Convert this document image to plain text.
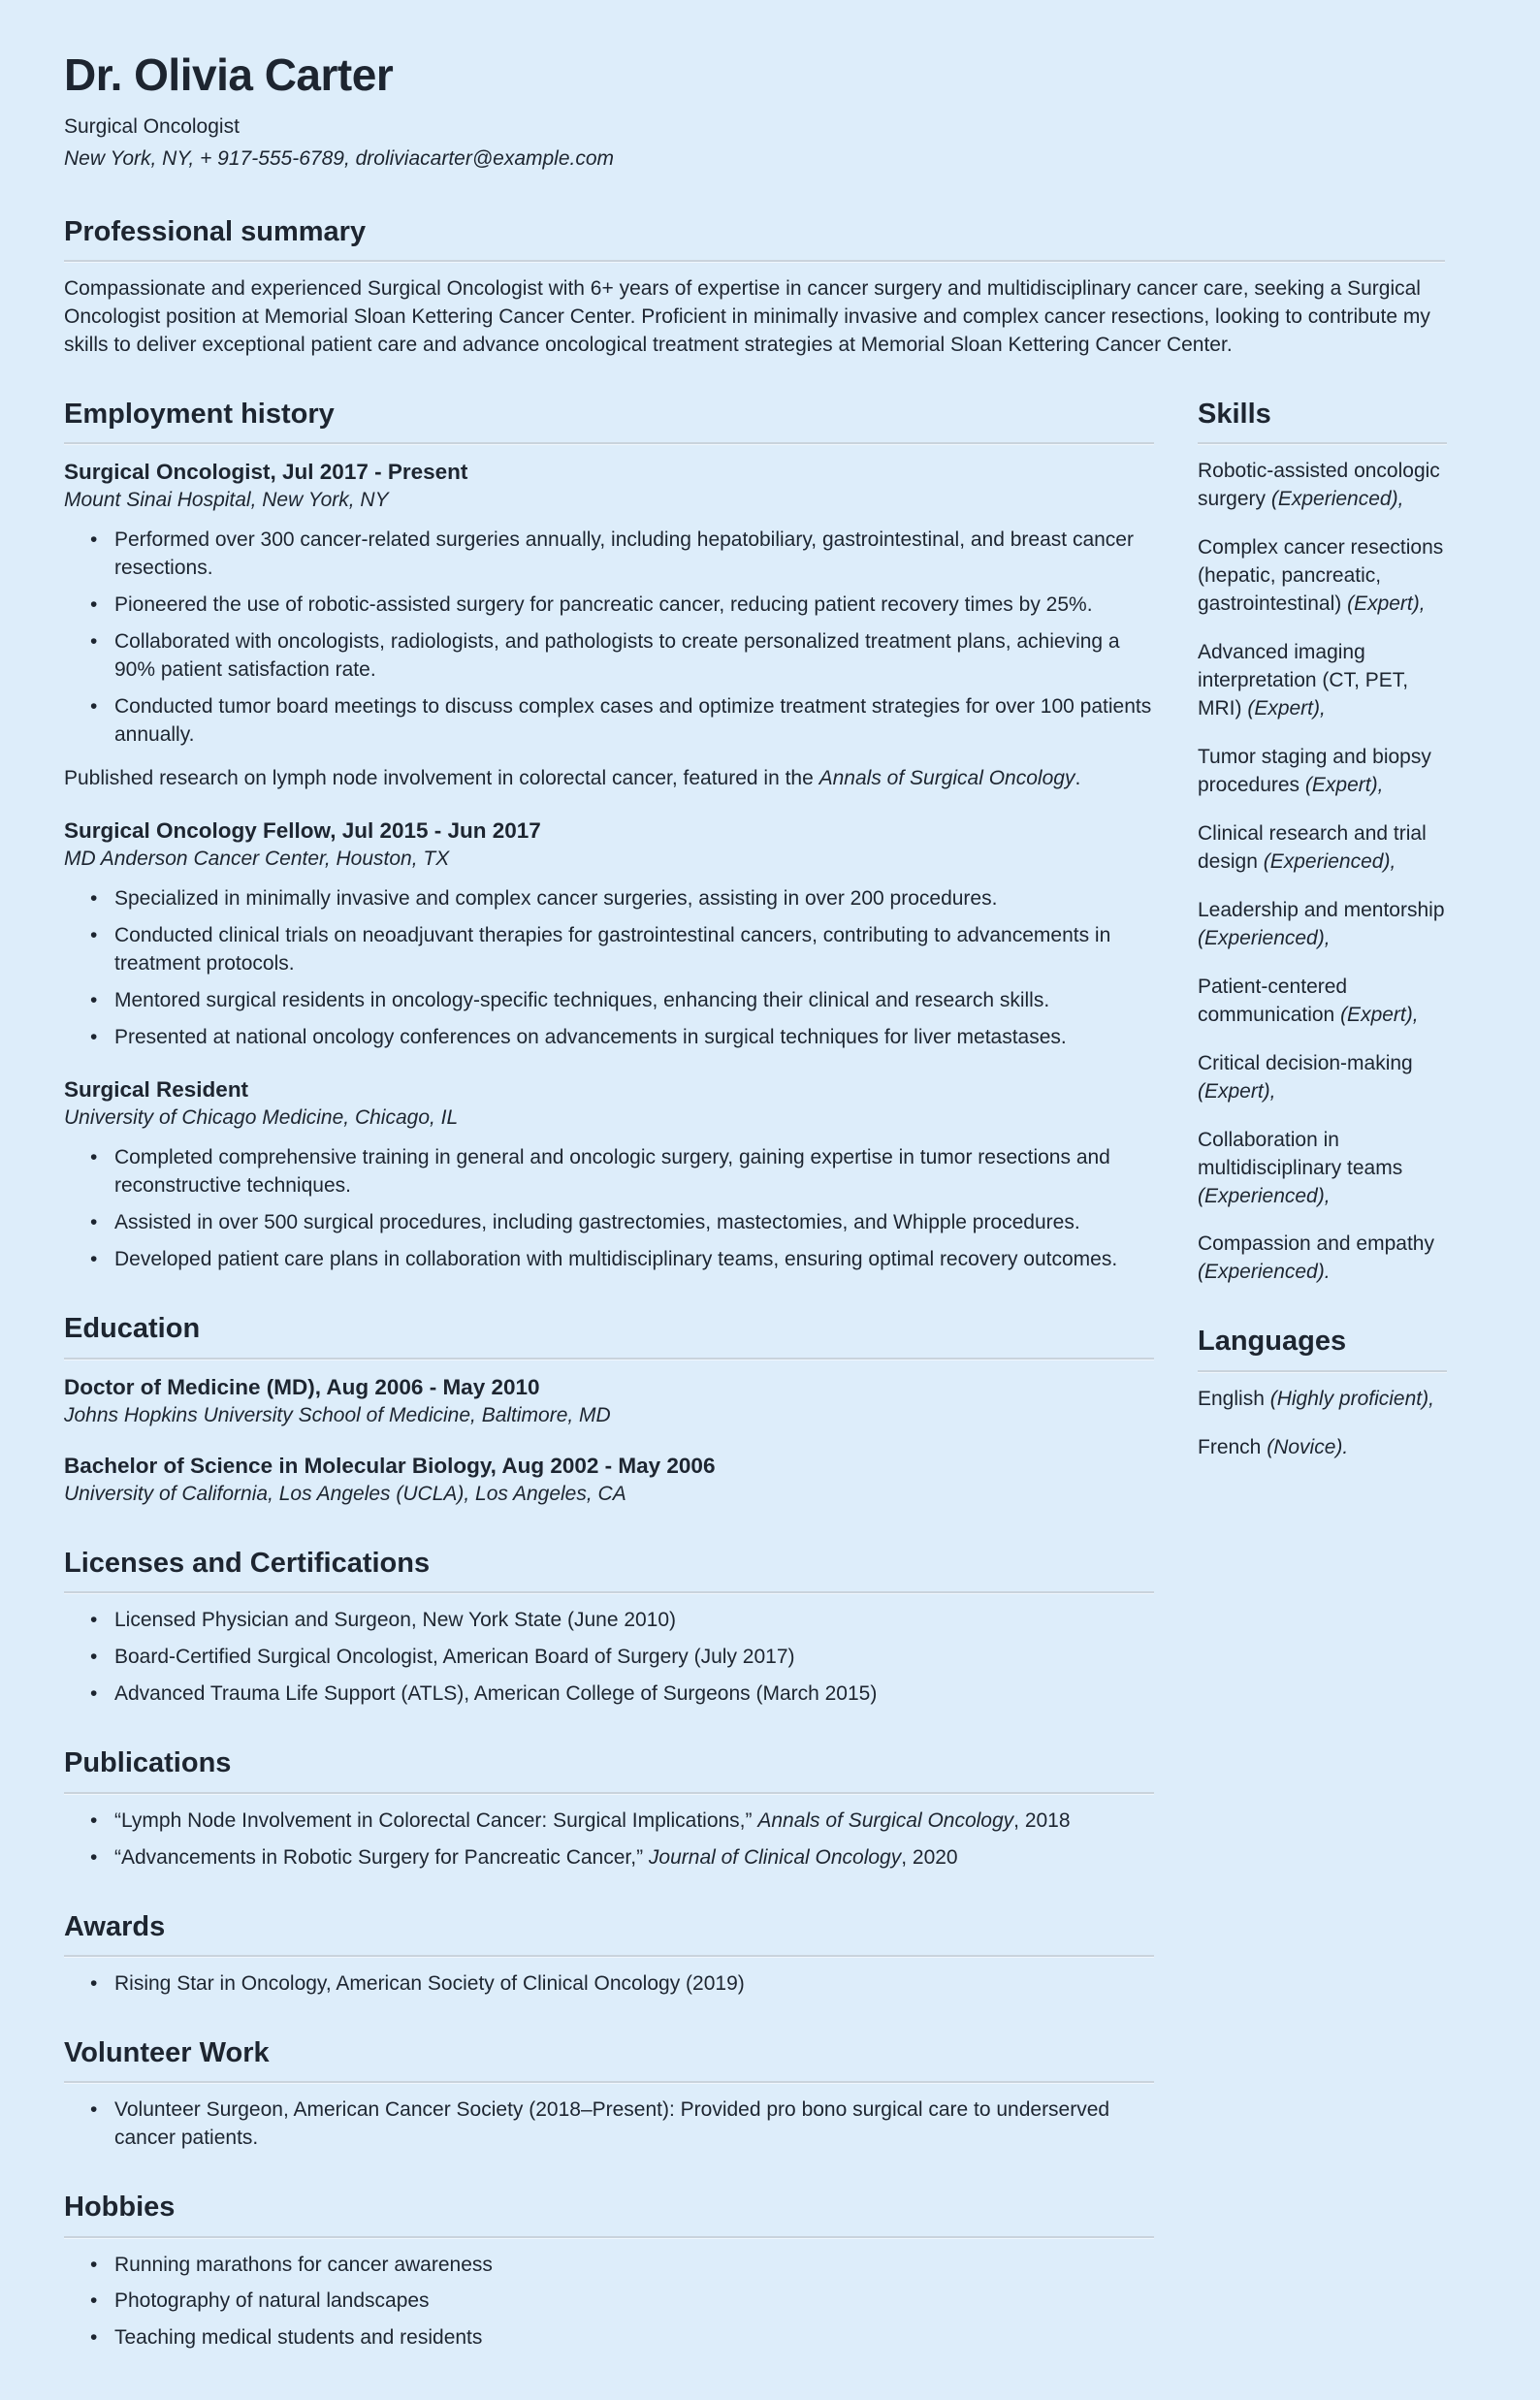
Dr. Olivia Carter

Surgical Oncologist

New York, NY, + 917-555-6789, droliviacarter@example.com

Professional summary

Compassionate and experienced Surgical Oncologist with 6+ years of expertise in cancer surgery and multidisciplinary cancer care, seeking a Surgical Oncologist position at Memorial Sloan Kettering Cancer Center. Proficient in minimally invasive and complex cancer resections, looking to contribute my skills to deliver exceptional patient care and advance oncological treatment strategies at Memorial Sloan Kettering Cancer Center.

Employment history
Surgical Oncologist, Jul 2017 - Present

Mount Sinai Hospital, New York, NY

• Performed over 300 cancer-related surgeries annually, including hepatobiliary, gastrointestinal, and breast cancer resections.
• Pioneered the use of robotic-assisted surgery for pancreatic cancer, reducing patient recovery times by 25%.
• Collaborated with oncologists, radiologists, and pathologists to create personalized treatment plans, achieving a 90% patient satisfaction rate.
• Conducted tumor board meetings to discuss complex cases and optimize treatment strategies for over 100 patients annually.

Published research on lymph node involvement in colorectal cancer, featured in the Annals of Surgical Oncology.

Surgical Oncology Fellow, Jul 2015 - Jun 2017

MD Anderson Cancer Center, Houston, TX

• Specialized in minimally invasive and complex cancer surgeries, assisting in over 200 procedures.
• Conducted clinical trials on neoadjuvant therapies for gastrointestinal cancers, contributing to advancements in treatment protocols.
• Mentored surgical residents in oncology-specific techniques, enhancing their clinical and research skills.
• Presented at national oncology conferences on advancements in surgical techniques for liver metastases.
Surgical Resident

University of Chicago Medicine, Chicago, IL

• Completed comprehensive training in general and oncologic surgery, gaining expertise in tumor resections and reconstructive techniques.
• Assisted in over 500 surgical procedures, including gastrectomies, mastectomies, and Whipple procedures.
• Developed patient care plans in collaboration with multidisciplinary teams, ensuring optimal recovery outcomes.
Education
Doctor of Medicine (MD), Aug 2006 - May 2010

Johns Hopkins University School of Medicine, Baltimore, MD

Bachelor of Science in Molecular Biology, Aug 2002 - May 2006

University of California, Los Angeles (UCLA), Los Angeles, CA

Licenses and Certifications
• Licensed Physician and Surgeon, New York State (June 2010)
• Board-Certified Surgical Oncologist, American Board of Surgery (July 2017)
• Advanced Trauma Life Support (ATLS), American College of Surgeons (March 2015)
Publications
• “Lymph Node Involvement in Colorectal Cancer: Surgical Implications,” Annals of Surgical Oncology, 2018
• “Advancements in Robotic Surgery for Pancreatic Cancer,” Journal of Clinical Oncology, 2020
Awards
• Rising Star in Oncology, American Society of Clinical Oncology (2019)
Volunteer Work
• Volunteer Surgeon, American Cancer Society (2018–Present): Provided pro bono surgical care to underserved cancer patients.
Hobbies
• Running marathons for cancer awareness
• Photography of natural landscapes
• Teaching medical students and residents
Skills

Robotic-assisted oncologic surgery (Experienced),

Complex cancer resections (hepatic, pancreatic, gastrointestinal) (Expert),

Advanced imaging interpretation (CT, PET, MRI) (Expert),

Tumor staging and biopsy procedures (Expert),

Clinical research and trial design (Experienced),

Leadership and mentorship (Experienced),

Patient-centered communication (Expert),

Critical decision-making (Expert),

Collaboration in multidisciplinary teams (Experienced),

Compassion and empathy (Experienced).

Languages

English (Highly proficient),

French (Novice).
